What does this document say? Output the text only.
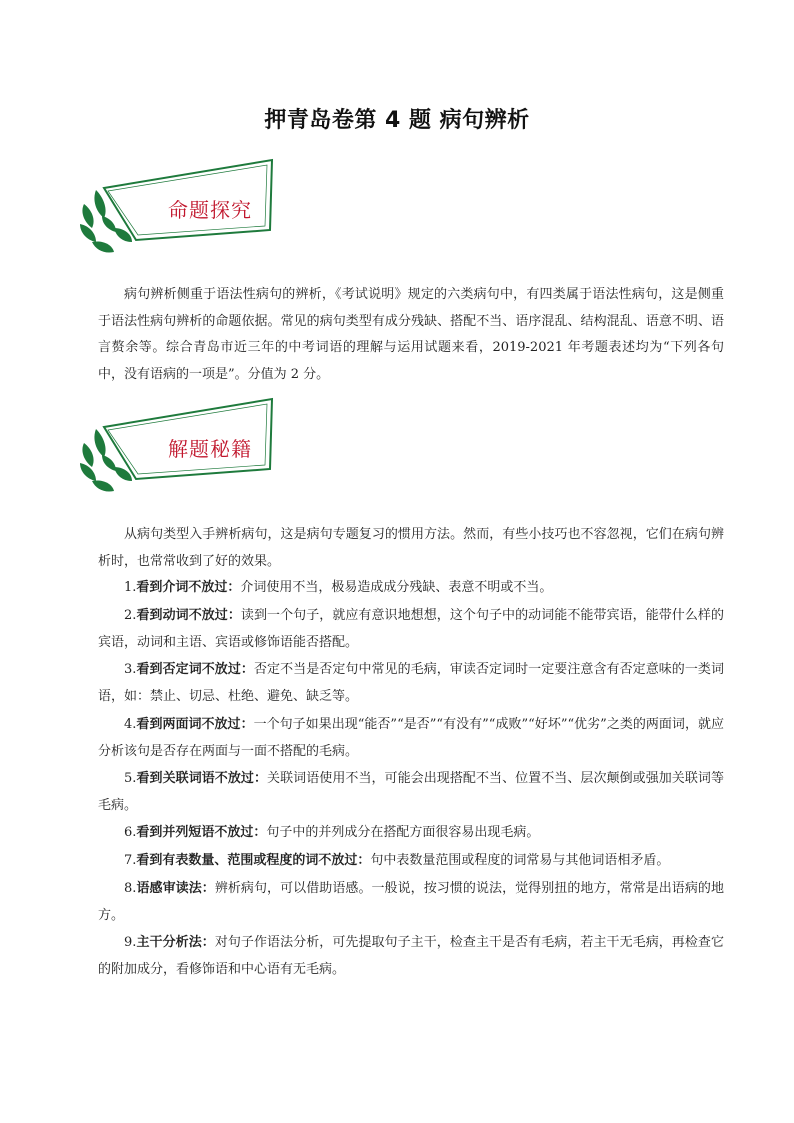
押青岛卷第 4 题 病句辨析
命题探究

病句辨析侧重于语法性病句的辨析，《考试说明》规定的六类病句中，有四类属于语法性病句，这是侧重于语法性病句辨析的命题依据。常见的病句类型有成分残缺、搭配不当、语序混乱、结构混乱、语意不明、语言赘余等。综合青岛市近三年的中考词语的理解与运用试题来看，2019-2021 年考题表述均为“下列各句中，没有语病的一项是”。分值为 2 分。

解题秘籍

从病句类型入手辨析病句，这是病句专题复习的惯用方法。然而，有些小技巧也不容忽视，它们在病句辨析时，也常常收到了好的效果。

1.看到介词不放过：介词使用不当，极易造成成分残缺、表意不明或不当。
2.看到动词不放过：读到一个句子，就应有意识地想想，这个句子中的动词能不能带宾语，能带什么样的宾语，动词和主语、宾语或修饰语能否搭配。
3.看到否定词不放过：否定不当是否定句中常见的毛病，审读否定词时一定要注意含有否定意味的一类词语，如：禁止、切忌、杜绝、避免、缺乏等。
4.看到两面词不放过：一个句子如果出现“能否”“是否”“有没有”“成败”“好坏”“优劣”之类的两面词，就应分析该句是否存在两面与一面不搭配的毛病。
5.看到关联词语不放过：关联词语使用不当，可能会出现搭配不当、位置不当、层次颠倒或强加关联词等毛病。
6.看到并列短语不放过：句子中的并列成分在搭配方面很容易出现毛病。
7.看到有表数量、范围或程度的词不放过：句中表数量范围或程度的词常易与其他词语相矛盾。
8.语感审读法：辨析病句，可以借助语感。一般说，按习惯的说法，觉得别扭的地方，常常是出语病的地方。
9.主干分析法：对句子作语法分析，可先提取句子主干，检查主干是否有毛病，若主干无毛病，再检查它的附加成分，看修饰语和中心语有无毛病。
